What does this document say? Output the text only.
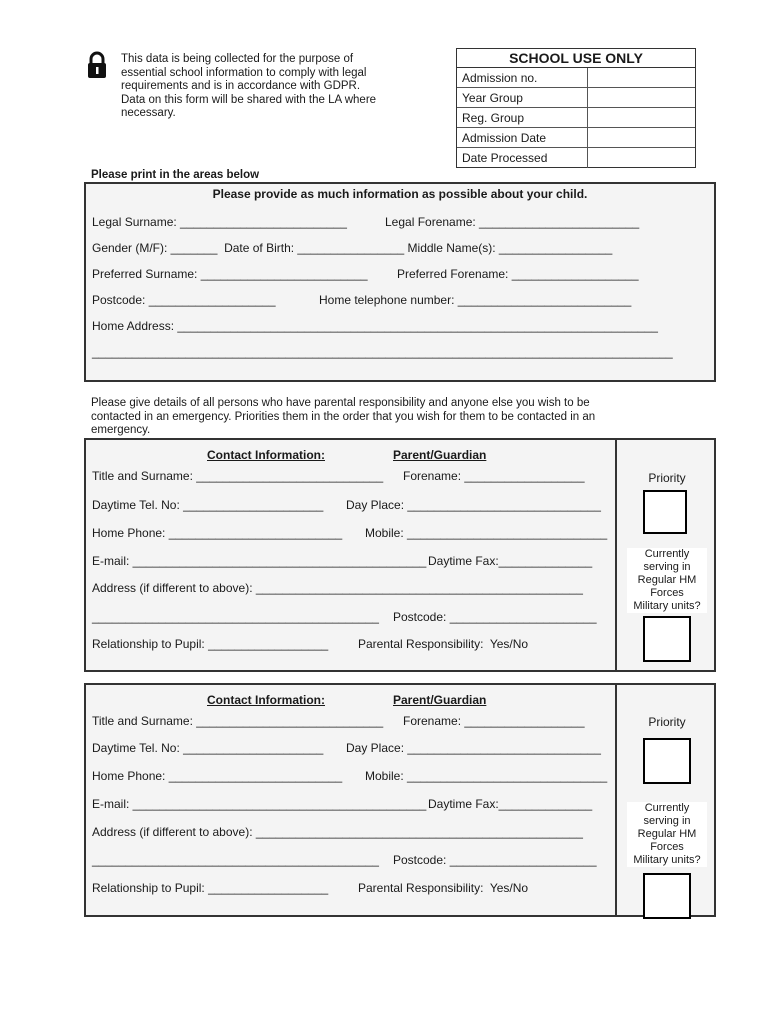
This data is being collected for the purpose of
essential school information to comply with legal
requirements and is in accordance with GDPR.
Data on this form will be shared with the LA where
necessary.
SCHOOL USE ONLY
Admission no.
Year Group
Reg. Group
Admission Date
Date Processed
Please print in the areas below
Please provide as much information as possible about your child.
Legal Surname: _________________________	Legal Forename: ________________________
Gender (M/F): _______  Date of Birth: ________________ Middle Name(s): _________________
Preferred Surname: _________________________ Preferred Forename: ___________________
Postcode: ___________________	Home telephone number: __________________________
Home Address: ________________________________________________________________________
_______________________________________________________________________________________
Please give details of all persons who have parental responsibility and anyone else you wish to be
contacted in an emergency. Priorities them in the order that you wish for them to be contacted in an
emergency.
Contact Information:	Parent/Guardian
Title and Surname: ____________________________ Forename: __________________
Daytime Tel. No: _____________________ Day Place: _____________________________
Home Phone: __________________________ Mobile: ______________________________
E-mail: ____________________________________________ Daytime Fax:______________
Address (if different to above): _________________________________________________
___________________________________________ Postcode: ______________________
Relationship to Pupil: __________________ Parental Responsibility:  Yes/No
Priority
Currently
serving in
Regular HM
Forces
Military units?
Contact Information:	Parent/Guardian
Title and Surname: ____________________________ Forename: __________________
Daytime Tel. No: _____________________ Day Place: _____________________________
Home Phone: __________________________ Mobile: ______________________________
E-mail: ____________________________________________ Daytime Fax:______________
Address (if different to above): _________________________________________________
___________________________________________ Postcode: ______________________
Relationship to Pupil: __________________ Parental Responsibility:  Yes/No
Priority
Currently
serving in
Regular HM
Forces
Military units?
